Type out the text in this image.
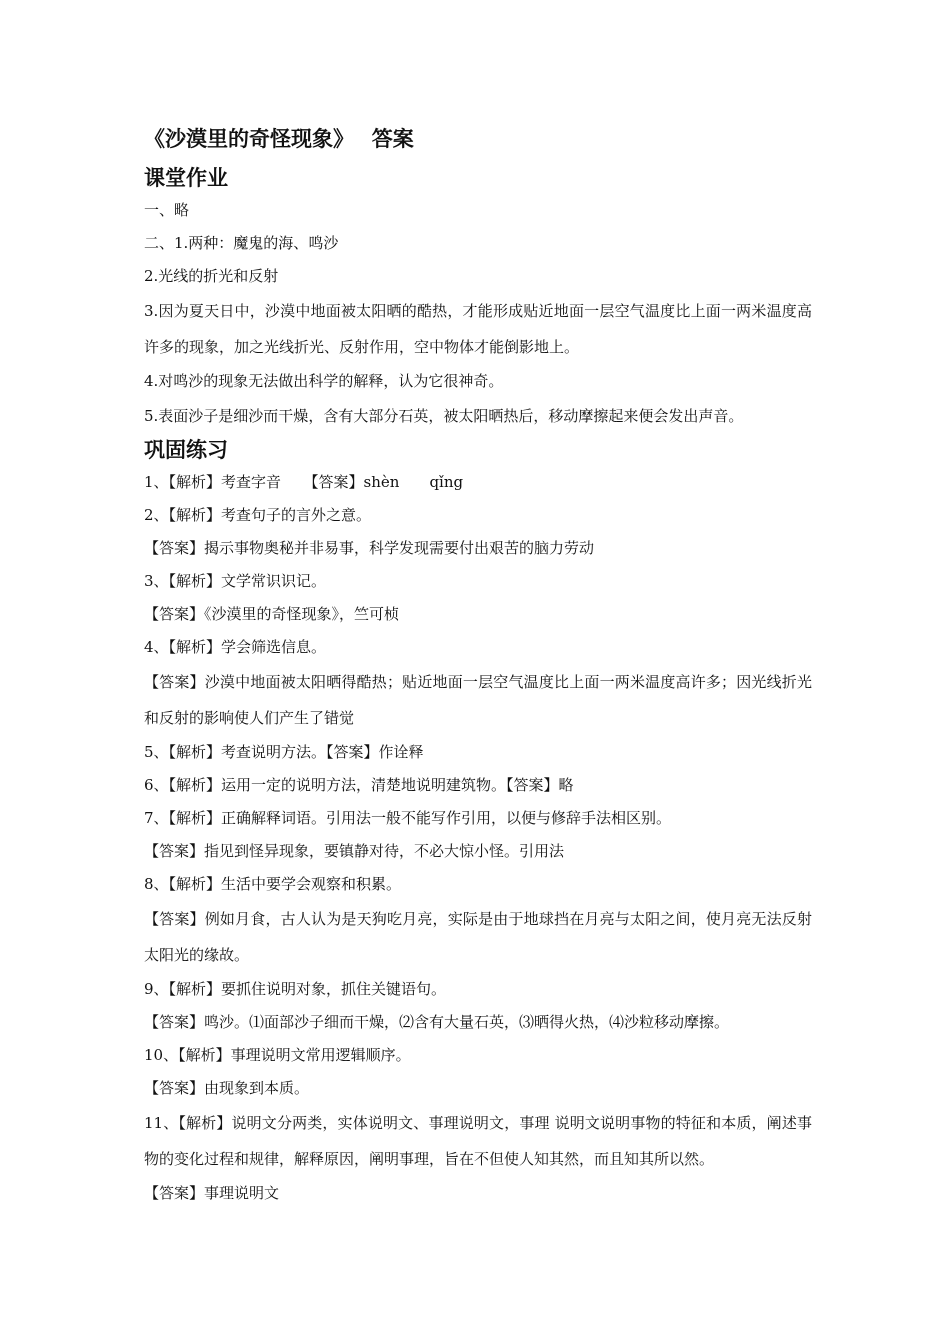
《沙漠里的奇怪现象》　 答案
课堂作业
一、略
二、1.两种：魔鬼的海、鸣沙
2.光线的折光和反射
3.因为夏天日中，沙漠中地面被太阳晒的酷热，才能形成贴近地面一层空气温度比上面一两米温度高许多的现象，加之光线折光、反射作用，空中物体才能倒影地上。
4.对鸣沙的现象无法做出科学的解释，认为它很神奇。
5.表面沙子是细沙而干燥，含有大部分石英，被太阳晒热后，移动摩擦起来便会发出声音。
巩固练习
1、【解析】考查字音　　【答案】shèn　　qǐng
2、【解析】考查句子的言外之意。
【答案】揭示事物奥秘并非易事，科学发现需要付出艰苦的脑力劳动
3、【解析】文学常识识记。
【答案】《沙漠里的奇怪现象》，竺可桢
4、【解析】学会筛选信息。
【答案】沙漠中地面被太阳晒得酷热；贴近地面一层空气温度比上面一两米温度高许多；因光线折光和反射的影响使人们产生了错觉
5、【解析】考查说明方法。【答案】作诠释
6、【解析】运用一定的说明方法，清楚地说明建筑物。【答案】略
7、【解析】正确解释词语。引用法一般不能写作引用，以便与修辞手法相区别。
【答案】指见到怪异现象，要镇静对待，不必大惊小怪。引用法
8、【解析】生活中要学会观察和积累。
【答案】例如月食，古人认为是天狗吃月亮，实际是由于地球挡在月亮与太阳之间，使月亮无法反射太阳光的缘故。
9、【解析】要抓住说明对象，抓住关键语句。
【答案】鸣沙。⑴面部沙子细而干燥，⑵含有大量石英，⑶晒得火热，⑷沙粒移动摩擦。
10、【解析】事理说明文常用逻辑顺序。
【答案】由现象到本质。
11、【解析】说明文分两类，实体说明文、事理说明文，事理 说明文说明事物的特征和本质，阐述事物的变化过程和规律，解释原因，阐明事理，旨在不但使人知其然，而且知其所以然。
【答案】事理说明文
